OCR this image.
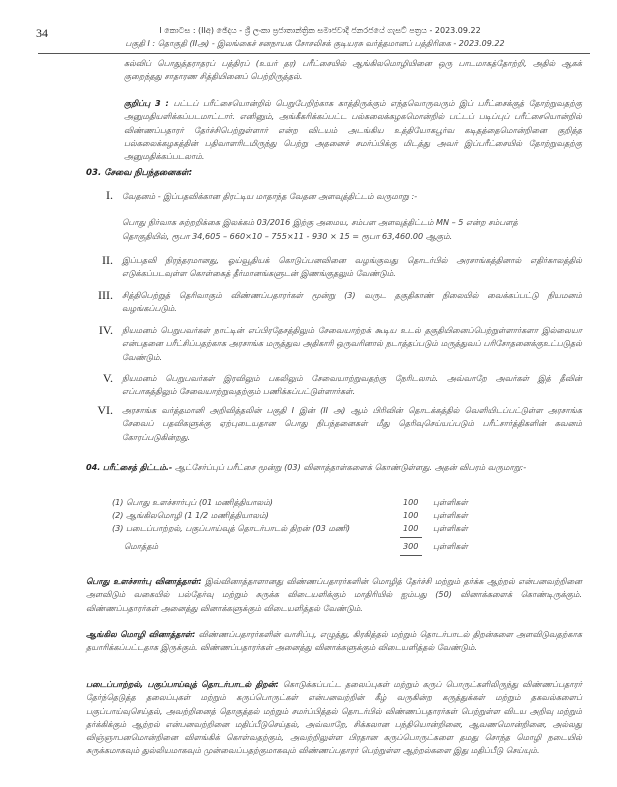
34	I කොටස : (IIඅ) ඡේදය - ශ්‍රී ලංකා ප්‍රජාතාන්ත්‍රික සමාජවාදී ජනරජයේ ගැසට් පත්‍රය - 2023.09.22
பகுதி I : தொகுதி (IIஅ) - இலங்கைச் சனநாயக சோசலிசக் குடியரசு வர்த்தமானப் பத்திரிகை - 2023.09.22
கல்விப் பொதுத்தராதரப் பத்திரப் (உயர் தர) பரீட்சையில் ஆங்கிலமொழியினை ஒரு பாடமாகத்தோற்றி, அதில் ஆகக் குறைந்தது சாதாரண சித்தியினைப் பெற்றிருத்தல்.
குறிப்பு 3 : பட்டப் பரீட்சையொன்றில் பெறுபேறிற்காக காத்திருக்கும் எந்தவொருவரும் இப் பரீட்சைக்குத் தோற்றுவதற்கு அனுமதியளிக்கப்படமாட்டார். எனினும், அங்கீகரிக்கப்பட்ட பல்கலைக்கழகமொன்றில் பட்டப் படிப்புப் பரீட்சையொன்றில் விண்ணப்பதாரர் தேர்ச்சிபெற்றுள்ளார் என்ற விடயம் அடங்கிய உத்தியோகபூர்வ கடிதத்தைமொன்றினை குறித்த பல்கலைக்கழகத்தின் பதிவாளரிடமிருந்து பெற்று அதனைச் சமர்ப்பிக்கு மிடத்து அவர் இப்பரீட்சையில் தோற்றுவதற்கு அனுமதிக்கப்படலாம்.
03. சேவை நிபந்தனைகள்:
I. வேதனம் - இப்பதவிக்கான திரட்டிய மாதாந்த வேதன அளவுத்திட்டம் வருமாறு :-
பொது நிர்வாக சுற்றறிக்கை இலக்கம் 03/2016 இற்கு அமைய, சம்பள அளவுத்திட்டம் MN – 5 என்ற சம்பளத்
தொகுதியில், ரூபா 34,605 – 660×10 – 755×11 - 930 × 15 = ரூபா 63,460.00 ஆகும்.
II. இப்பதவி நிரந்தரமானது, ஓய்வூதியக் கொடுப்பனவினை வழங்குவது தொடர்பில் அரசாங்கத்தினால் எதிர்காலத்தில் எடுக்கப்படவுள்ள கொள்கைத் தீர்மானங்களுடன் இணங்குதலும் வேண்டும்.
III. சித்திபெற்றுத் தெரிவாகும் விண்ணப்பதாரர்கள் மூன்று (3) வருட தகுதிகாண் நிலையில் வைக்கப்பட்டு நியமனம் வழங்கப்படும்.
IV. நியமனம் பெறுபவர்கள் நாட்டின் எப்பிரதேசத்திலும் சேவையாற்றக் கூடிய உடல் தகுதியினைப்பெற்றுள்ளார்களா இல்லையா என்பதனை பரீட்சிப்பதற்காக அரசாங்க மருத்துவ அதிகாரி ஒருவரினால் நடாத்தப்படும் மருத்துவப் பரிசோதனைக்குஉட்படுதல் வேண்டும்.
V. நியமனம் பெறுபவர்கள் இரவிலும் பகலிலும் சேவையாற்றுவதற்கு நேரிடலாம். அவ்வாறே அவர்கள் இத் தீவின் எப்பாகத்திலும் சேவையாற்றுவதற்கும் பணிக்கப்பட்டுள்ளார்கள்.
VI. அரசாங்க வர்த்தமானி அறிவித்தலின் பகுதி I இன் (II அ) ஆம் பிரிவின் தொடக்கத்தில் வெளியிடப்பட்டுள்ள அரசாங்க சேவைப் பதவிகளுக்கு ஏற்புடையதான பொது நிபந்தனைகள் மீது தெரிவுசெய்யப்படும் பரீட்சார்த்திகளின் கவனம் கோரப்படுகின்றது.
04. பரீட்சைத் திட்டம்.- ஆட்சேர்ப்புப் பரீட்சை மூன்று (03) வினாத்தாள்களைக் கொண்டுள்ளது. அதன் விபரம் வருமாறு:-
(1) பொது உளச்சார்புப் (01 மணித்தியாலம்)	100 புள்ளிகள்
(2) ஆங்கிலமொழி (1 1/2 மணித்தியாலம்)	100 புள்ளிகள்
(3) படைப்பாற்றல், பகுப்பாய்வுத் தொடர்பாடல் திறன் (03 மணி)	100 புள்ளிகள்
மொத்தம்	300 புள்ளிகள்
பொது உளச்சார்பு வினாத்தாள்: இவ்வினாத்தாளானது விண்ணப்பதாரர்களின் மொழித் தேர்ச்சி மற்றும் தர்க்க ஆற்றல் என்பனவற்றினை அளவிடும் வகையில் பல்தேர்வு மற்றும் சுருக்க விடையளிக்கும் மாதிரியில் ஐம்பது (50) வினாக்களைக் கொண்டிருக்கும். விண்ணப்பதாரர்கள் அனைத்து வினாக்களுக்கும் விடையளித்தல் வேண்டும்.
ஆங்கில மொழி வினாத்தாள்: விண்ணப்பதாரர்களின் வாசிப்பு, எழுத்து, கிரகித்தல் மற்றும் தொடர்பாடல் திறன்களை அளவிடுவதற்காக தயாரிக்கப்பட்டதாக இருக்கும். விண்ணப்பதாரர்கள் அனைத்து வினாக்களுக்கும் விடையளித்தல் வேண்டும்.
படைப்பாற்றல், பகுப்பாய்வுத் தொடர்பாடல் திறன்: கொடுக்கப்பட்ட தலைப்புகள் மற்றும் கருப் பொருட்களிலிருந்து விண்ணப்பதாரர் தேர்ந்தெடுத்த தலைப்புகள் மற்றும் கருப்பொருட்கள் என்பனவற்றின் கீழ் வருகின்ற கருத்துக்கள் மற்றும் தகவல்களைப் பகுப்பாய்வுசெய்தல், அவற்றினைத் தொகுத்தல் மற்றும் சமர்ப்பித்தல் தொடர்பில் விண்ணப்பதாரர்கள் பெற்றுள்ள விடய அறிவு மற்றும் தர்க்கிக்கும் ஆற்றல் என்பனவற்றினை மதிப்பீடுசெய்தல், அவ்வாறே, சிக்கலான பந்தியொன்றினை, ஆவணமொன்றினை, அல்லது விஞ்ஞாபனமொன்றினை விளங்கிக் கொள்வதற்கும், அவற்றிலுள்ள பிரதான கருப்பொருட்களை தமது சொந்த மொழி நடையில் சுருக்கமாகவும் துல்லியமாகவும் முன்வைப்பதற்குமாகவும் விண்ணப்பதாரர் பெற்றுள்ள ஆற்றல்களை இது மதிப்பீடு செய்யும்.
